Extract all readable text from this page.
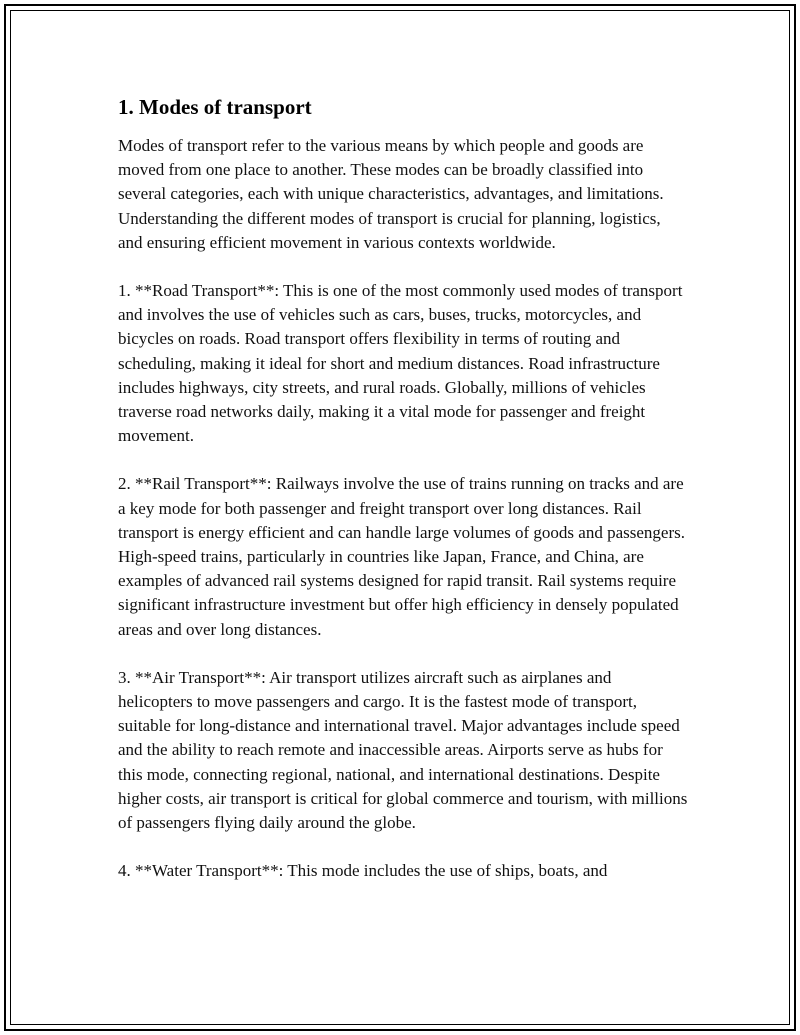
1. Modes of transport

Modes of transport refer to the various means by which people and goods are moved from one place to another. These modes can be broadly classified into several categories, each with unique characteristics, advantages, and limitations. Understanding the different modes of transport is crucial for planning, logistics, and ensuring efficient movement in various contexts worldwide.

1. **Road Transport**: This is one of the most commonly used modes of transport and involves the use of vehicles such as cars, buses, trucks, motorcycles, and bicycles on roads. Road transport offers flexibility in terms of routing and scheduling, making it ideal for short and medium distances. Road infrastructure includes highways, city streets, and rural roads. Globally, millions of vehicles traverse road networks daily, making it a vital mode for passenger and freight movement.

2. **Rail Transport**: Railways involve the use of trains running on tracks and are a key mode for both passenger and freight transport over long distances. Rail transport is energy efficient and can handle large volumes of goods and passengers. High-speed trains, particularly in countries like Japan, France, and China, are examples of advanced rail systems designed for rapid transit. Rail systems require significant infrastructure investment but offer high efficiency in densely populated areas and over long distances.

3. **Air Transport**: Air transport utilizes aircraft such as airplanes and helicopters to move passengers and cargo. It is the fastest mode of transport, suitable for long-distance and international travel. Major advantages include speed and the ability to reach remote and inaccessible areas. Airports serve as hubs for this mode, connecting regional, national, and international destinations. Despite higher costs, air transport is critical for global commerce and tourism, with millions of passengers flying daily around the globe.

4. **Water Transport**: This mode includes the use of ships, boats, and
